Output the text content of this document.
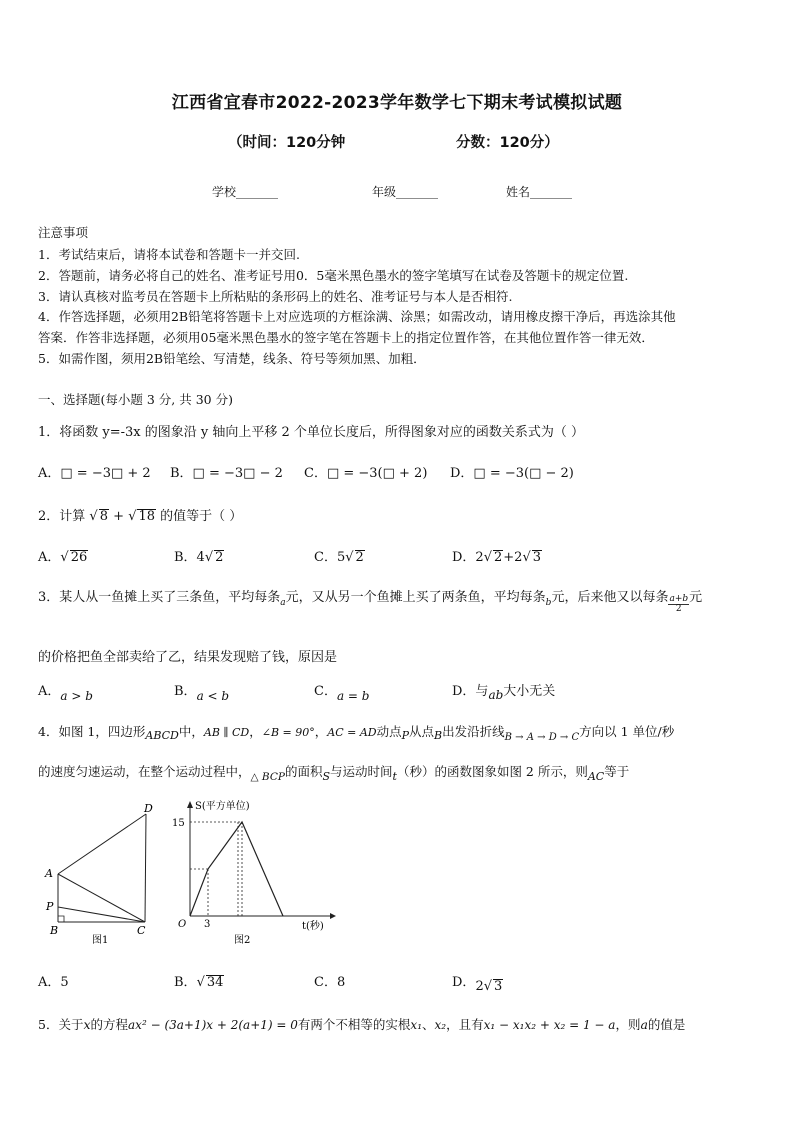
江西省宜春市2022-2023学年数学七下期末考试模拟试题
（时间：120分钟	分数：120分）
学校_______	年级_______	姓名_______
注意事项
1．考试结束后，请将本试卷和答题卡一并交回.
2．答题前，请务必将自己的姓名、准考证号用0．5毫米黑色墨水的签字笔填写在试卷及答题卡的规定位置.
3．请认真核对监考员在答题卡上所粘贴的条形码上的姓名、准考证号与本人是否相符.
4．作答选择题，必须用2B铅笔将答题卡上对应选项的方框涂满、涂黑；如需改动，请用橡皮擦干净后，再选涂其他
答案．作答非选择题，必须用05毫米黑色墨水的签字笔在答题卡上的指定位置作答，在其他位置作答一律无效．
5．如需作图，须用2B铅笔绘、写清楚，线条、符号等须加黑、加粗．
一、选择题(每小题 3 分, 共 30 分)
1．将函数 y=-3x 的图象沿 y 轴向上平移 2 个单位长度后，所得图象对应的函数关系式为（ ）
A．□ = −3□ + 2 B．□ = −3□ − 2 C．□ = −3(□ + 2) D．□ = −3(□ − 2)
2．计算 √ 8 + √ 18 的值等于（ ）
A．√ 26	B．4√ 2	C．5√ 2	D．2√ 2+2√ 3
3．某人从一鱼摊上买了三条鱼，平均每条$_a$元，又从另一个鱼摊上买了两条鱼，平均每条$_b$元，后来他又以每条 $\frac{a+b}{2}$ 元
的价格把鱼全部卖给了乙，结果发现赔了钱，原因是
A．a > b	B．a < b	C．a = b	D．与ab大小无关
4．如图 1，四边形ABCD中，AB ∥ CD，∠B = 90°，AC = AD动点P从点B出发沿折线$_{B \to A \to D \to C}$方向以 1 单位/秒
的速度匀速运动，在整个运动过程中，$_{\triangle BCP}$的面积S与运动时间t（秒）的函数图象如图 2 所示，则AC等于
D
A
P
B	C
图1
S(平方单位)
15
O 3	t(秒)
图2
A．5	B．√ 34	C．8	D．2√ 3
5．关于x的方程ax² − (3a+1)x + 2(a+1) = 0有两个不相等的实根x₁、x₂，且有x₁ − x₁x₂ + x₂ = 1 − a，则a的值是
